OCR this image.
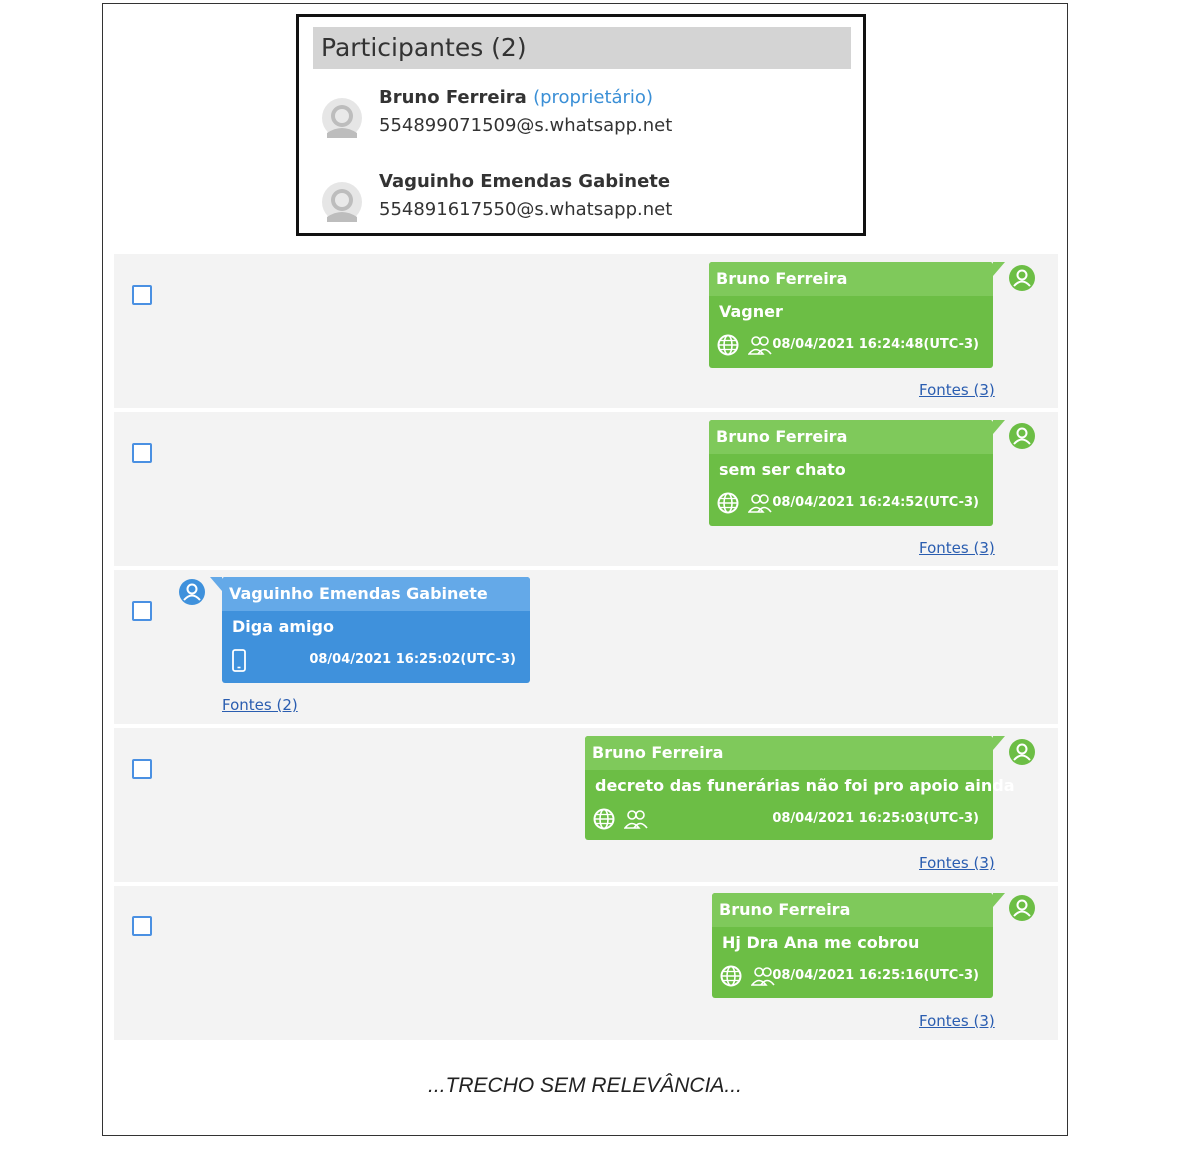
Participantes (2)
Bruno Ferreira (proprietário)
554899071509@s.whatsapp.net
Vaguinho Emendas Gabinete
554891617550@s.whatsapp.net
Bruno Ferreira
Vagner

08/04/2021 16:24:48(UTC-3)
Fontes (3)
Bruno Ferreira
sem ser chato

08/04/2021 16:24:52(UTC-3)
Fontes (3)
Vaguinho Emendas Gabinete
Diga amigo
08/04/2021 16:25:02(UTC-3)
Fontes (2)
Bruno Ferreira
decreto das funerárias não foi pro apoio ainda

08/04/2021 16:25:03(UTC-3)
Fontes (3)
Bruno Ferreira
Hj Dra Ana me cobrou

08/04/2021 16:25:16(UTC-3)
Fontes (3)
...TRECHO SEM RELEVÂNCIA...
